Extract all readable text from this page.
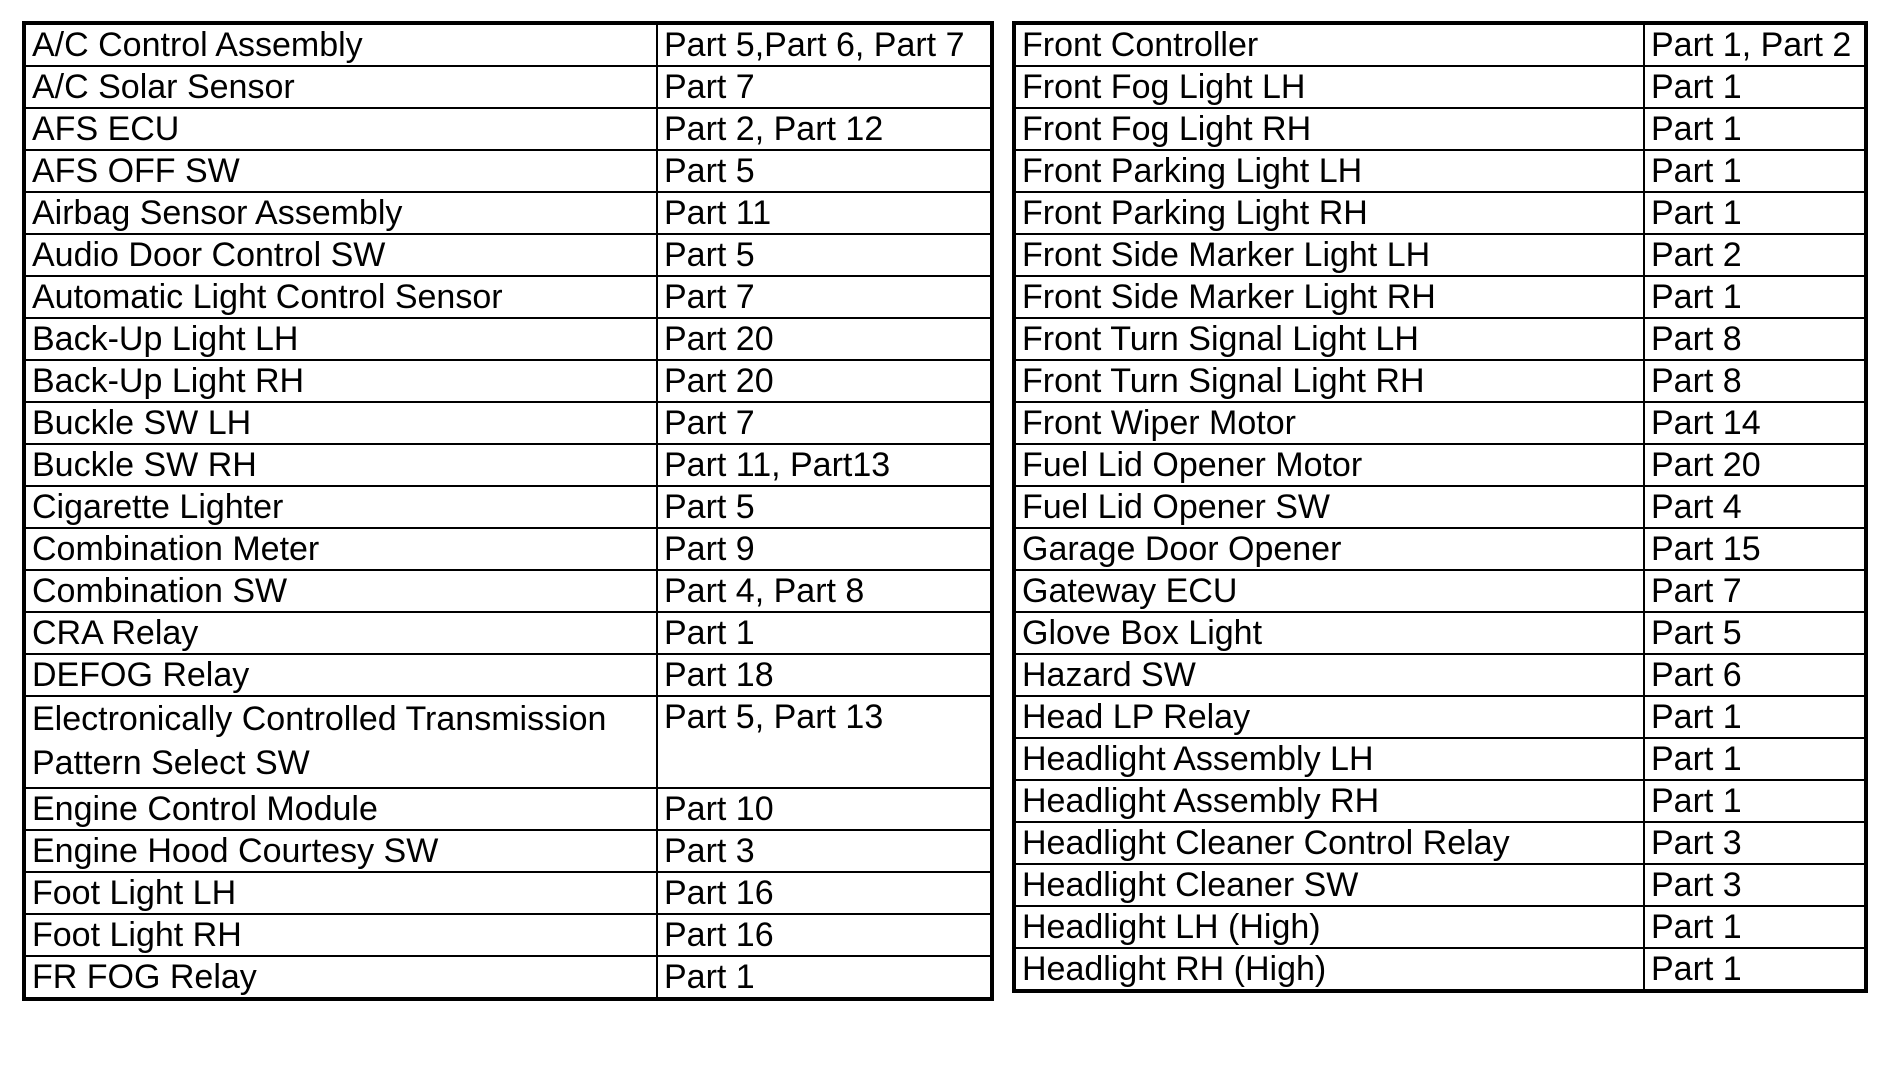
A/C Control Assembly	Part 5,Part 6, Part 7
A/C Solar Sensor	Part 7
AFS ECU	Part 2, Part 12
AFS OFF SW	Part 5
Airbag Sensor Assembly	Part 11
Audio Door Control SW	Part 5
Automatic Light Control Sensor	Part 7
Back-Up Light LH	Part 20
Back-Up Light RH	Part 20
Buckle SW LH	Part 7
Buckle SW RH	Part 11, Part13
Cigarette Lighter	Part 5
Combination Meter	Part 9
Combination SW	Part 4, Part 8
CRA Relay	Part 1
DEFOG Relay	Part 18
Electronically Controlled Transmission Pattern Select SW	Part 5, Part 13
Engine Control Module	Part 10
Engine Hood Courtesy SW	Part 3
Foot Light LH	Part 16
Foot Light RH	Part 16
FR FOG Relay	Part 1
Front Controller	Part 1, Part 2
Front Fog Light LH	Part 1
Front Fog Light RH	Part 1
Front Parking Light LH	Part 1
Front Parking Light RH	Part 1
Front Side Marker Light LH	Part 2
Front Side Marker Light RH	Part 1
Front Turn Signal Light LH	Part 8
Front Turn Signal Light RH	Part 8
Front Wiper Motor	Part 14
Fuel Lid Opener Motor	Part 20
Fuel Lid Opener SW	Part 4
Garage Door Opener	Part 15
Gateway ECU	Part 7
Glove Box Light	Part 5
Hazard SW	Part 6
Head LP Relay	Part 1
Headlight Assembly LH	Part 1
Headlight Assembly RH	Part 1
Headlight Cleaner Control Relay	Part 3
Headlight Cleaner SW	Part 3
Headlight LH (High)	Part 1
Headlight RH (High)	Part 1
